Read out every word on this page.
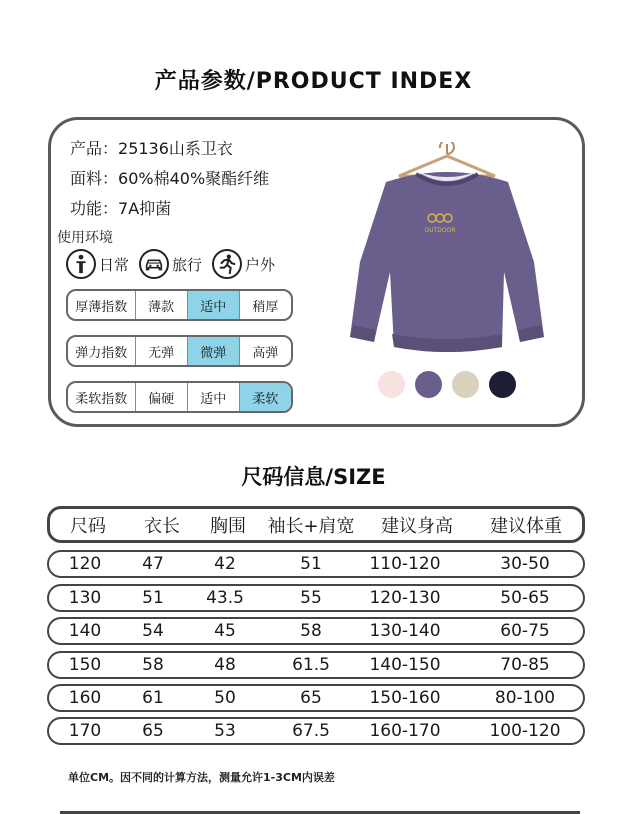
产品参数/PRODUCT INDEX
产品：25136山系卫衣
面料：60%棉40%聚酯纤维
功能：7A抑菌
使用环境
日常	旅行	户外
厚薄指数	薄款	适中	稍厚
弹力指数	无弹	微弹	高弹
柔软指数	偏硬	适中	柔软
OUTDOOR
尺码信息/SIZE
尺码	衣长	胸围	袖长+肩宽	建议身高	建议体重
120	47	42	51	110-120	30-50
130	51	43.5	55	120-130	50-65
140	54	45	58	130-140	60-75
150	58	48	61.5	140-150	70-85
160	61	50	65	150-160	80-100
170	65	53	67.5	160-170	100-120
单位CM。因不同的计算方法，测量允许1-3CM内误差
